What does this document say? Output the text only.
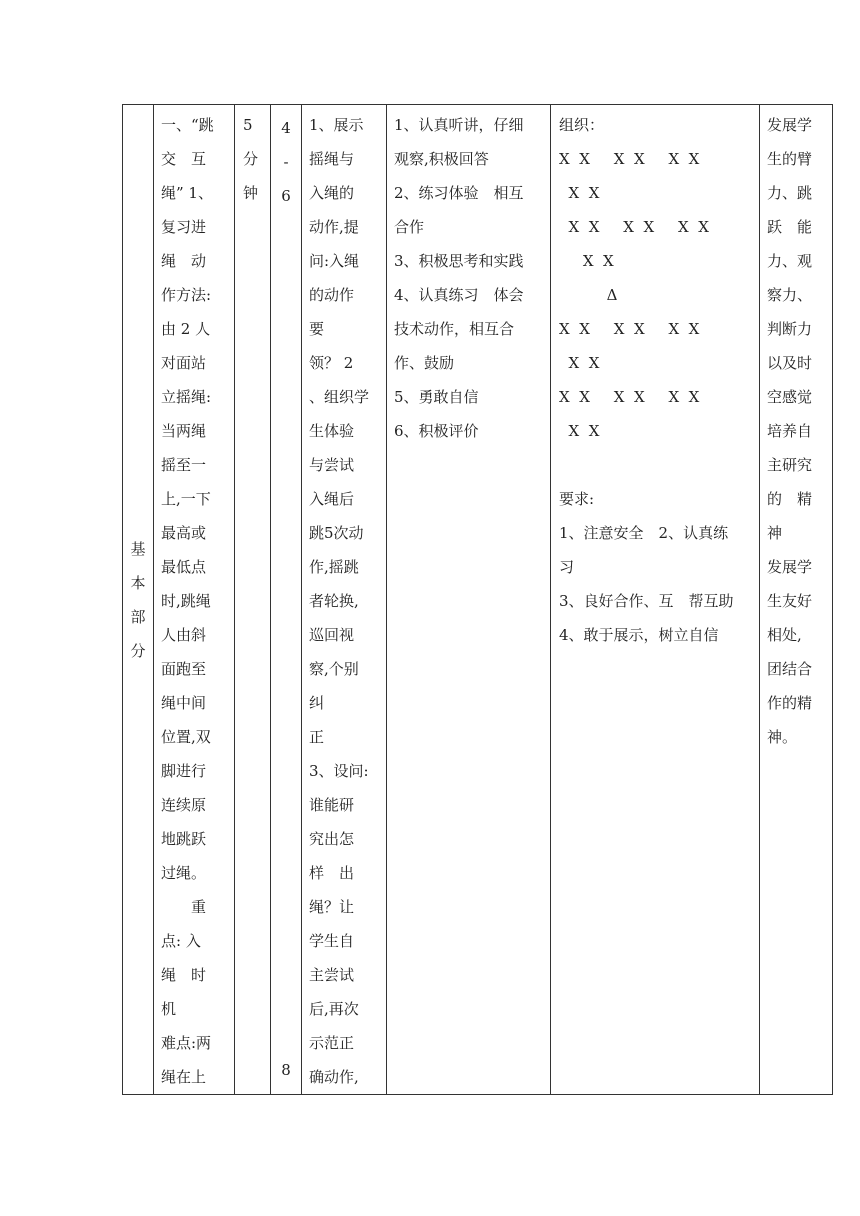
基
本
部
分

一、“跳
交　互
绳” 1、
复习进
绳　动
作方法:
由 2 人
对面站
立摇绳:
当两绳
摇至一
上,一下
最高或
最低点
时,跳绳
人由斜
面跑至
绳中间
位置,双
脚进行
连续原
地跳跃
过绳。
　　重
点: 入
绳　时
机
难点:两
绳在上

5
分
钟

4
-
6
8

1、展示
摇绳与
入绳的
动作,提
问:入绳
的动作
要
领？ 2
、组织学
生体验
与尝试
入绳后
跳5次动
作,摇跳
者轮换,
巡回视
察,个别
纠
正
3、设问:
谁能研
究出怎
样　出
绳？让
学生自
主尝试
后,再次
示范正
确动作,

1、认真听讲，仔细
观察,积极回答
2、练习体验　相互
合作
3、积极思考和实践
4、认真练习　体会
技术动作，相互合
作、鼓励
5、勇敢自信
6、积极评价

组织：
X  X     X  X     X  X
X  X
X  X     X  X     X  X
X  X
Δ
X  X     X  X     X  X
X  X
X  X     X  X     X  X
X  X

要求:
1、注意安全　2、认真练
习
3、良好合作、互　帮互助
4、敢于展示，树立自信

发展学
生的臂
力、跳
跃　能
力、观
察力、
判断力
以及时
空感觉
培养自
主研究
的　精
神
发展学
生友好
相处,
团结合
作的精
神。
